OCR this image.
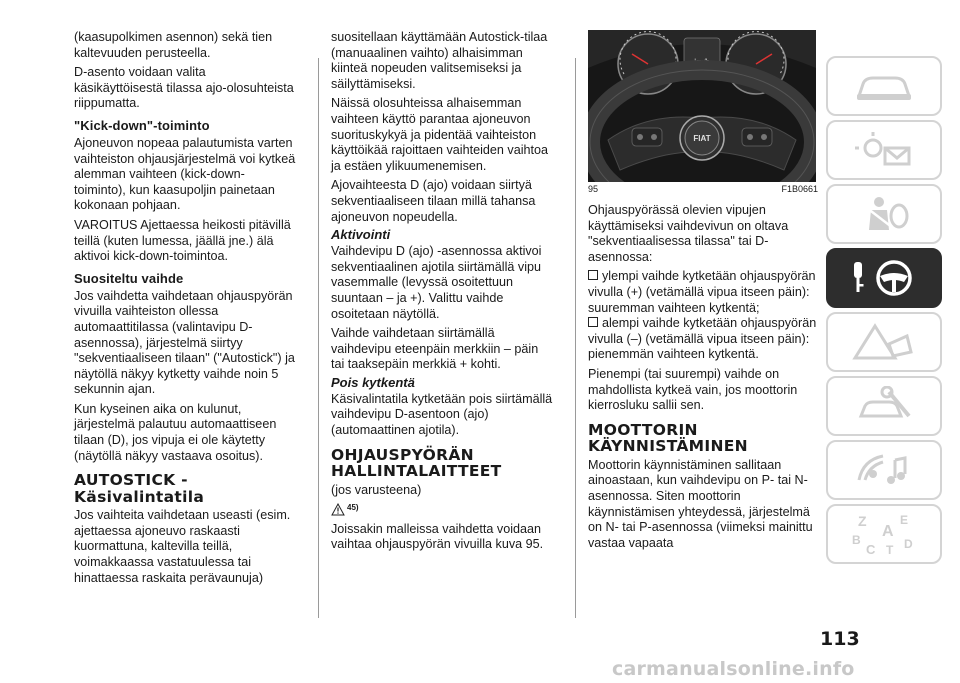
(kaasupolkimen asennon) sekä tien kaltevuuden perusteella.

D-asento voidaan valita käsikäyttöisestä tilassa ajo-olosuhteista riippumatta.

"Kick-down"-toiminto

Ajoneuvon nopeaa palautumista varten vaihteiston ohjausjärjestelmä voi kytkeä alemman vaihteen (kick-down-toiminto), kun kaasupoljin painetaan kokonaan pohjaan.

VAROITUS Ajettaessa heikosti pitävillä teillä (kuten lumessa, jäällä jne.) älä aktivoi kick-down-toimintoa.

Suositeltu vaihde

Jos vaihdetta vaihdetaan ohjauspyörän vivuilla vaihteiston ollessa automaattitilassa (valintavipu D-asennossa), järjestelmä siirtyy "sekventiaaliseen tilaan" ("Autostick") ja näytöllä näkyy kytketty vaihde noin 5 sekunnin ajan.

Kun kyseinen aika on kulunut, järjestelmä palautuu automaattiseen tilaan (D), jos vipuja ei ole käytetty (näytöllä näkyy vastaava osoitus).

AUTOSTICK - Käsivalintatila

Jos vaihteita vaihdetaan useasti (esim. ajettaessa ajoneuvo raskaasti kuormattuna, kaltevilla teillä, voimakkaassa vastatuulessa tai hinattaessa raskaita perävaunuja)

suositellaan käyttämään Autostick-tilaa (manuaalinen vaihto) alhaisimman kiinteä nopeuden valitsemiseksi ja säilyttämiseksi.

Näissä olosuhteissa alhaisemman vaihteen käyttö parantaa ajoneuvon suorituskykyä ja pidentää vaihteiston käyttöikää rajoittaen vaihteiden vaihtoa ja estäen ylikuumenemisen.

Ajovaihteesta D (ajo) voidaan siirtyä sekventiaaliseen tilaan millä tahansa ajoneuvon nopeudella.

Aktivointi

Vaihdevipu D (ajo) -asennossa aktivoi sekventiaalinen ajotila siirtämällä vipu vasemmalle (levyssä osoitettuun suuntaan – ja +). Valittu vaihde osoitetaan näytöllä.

Vaihde vaihdetaan siirtämällä vaihdevipu eteenpäin merkkiin – päin tai taaksepäin merkkiä + kohti.

Pois kytkentä

Käsivalintatila kytketään pois siirtämällä vaihdevipu D-asentoon (ajo) (automaattinen ajotila).

OHJAUSPYÖRÄN HALLINTALAITTEET

(jos varusteena)

45)

Joissakin malleissa vaihdetta voidaan vaihtaa ohjauspyörän vivuilla kuva 95.

km/h
FIAT
95	F1B0661

Ohjauspyörässä olevien vipujen käyttämiseksi vaihdevivun on oltava "sekventiaalisessa tilassa" tai D-asennossa:

ylempi vaihde kytketään ohjauspyörän vivulla (+) (vetämällä vipua itseen päin): suuremman vaihteen kytkentä;

alempi vaihde kytketään ohjauspyörän vivulla (–) (vetämällä vipua itseen päin): pienemmän vaihteen kytkentä.

Pienempi (tai suurempi) vaihde on mahdollista kytkeä vain, jos moottorin kierrosluku sallii sen.

MOOTTORIN KÄYNNISTÄMINEN

Moottorin käynnistäminen sallitaan ainoastaan, kun vaihdevipu on P- tai N-asennossa. Siten moottorin käynnistämisen yhteydessä, järjestelmä on N- tai P-asennossa (viimeksi mainittu vastaa vapaata

Z	E
A
B
C D
T
113
carmanualsonline.info
